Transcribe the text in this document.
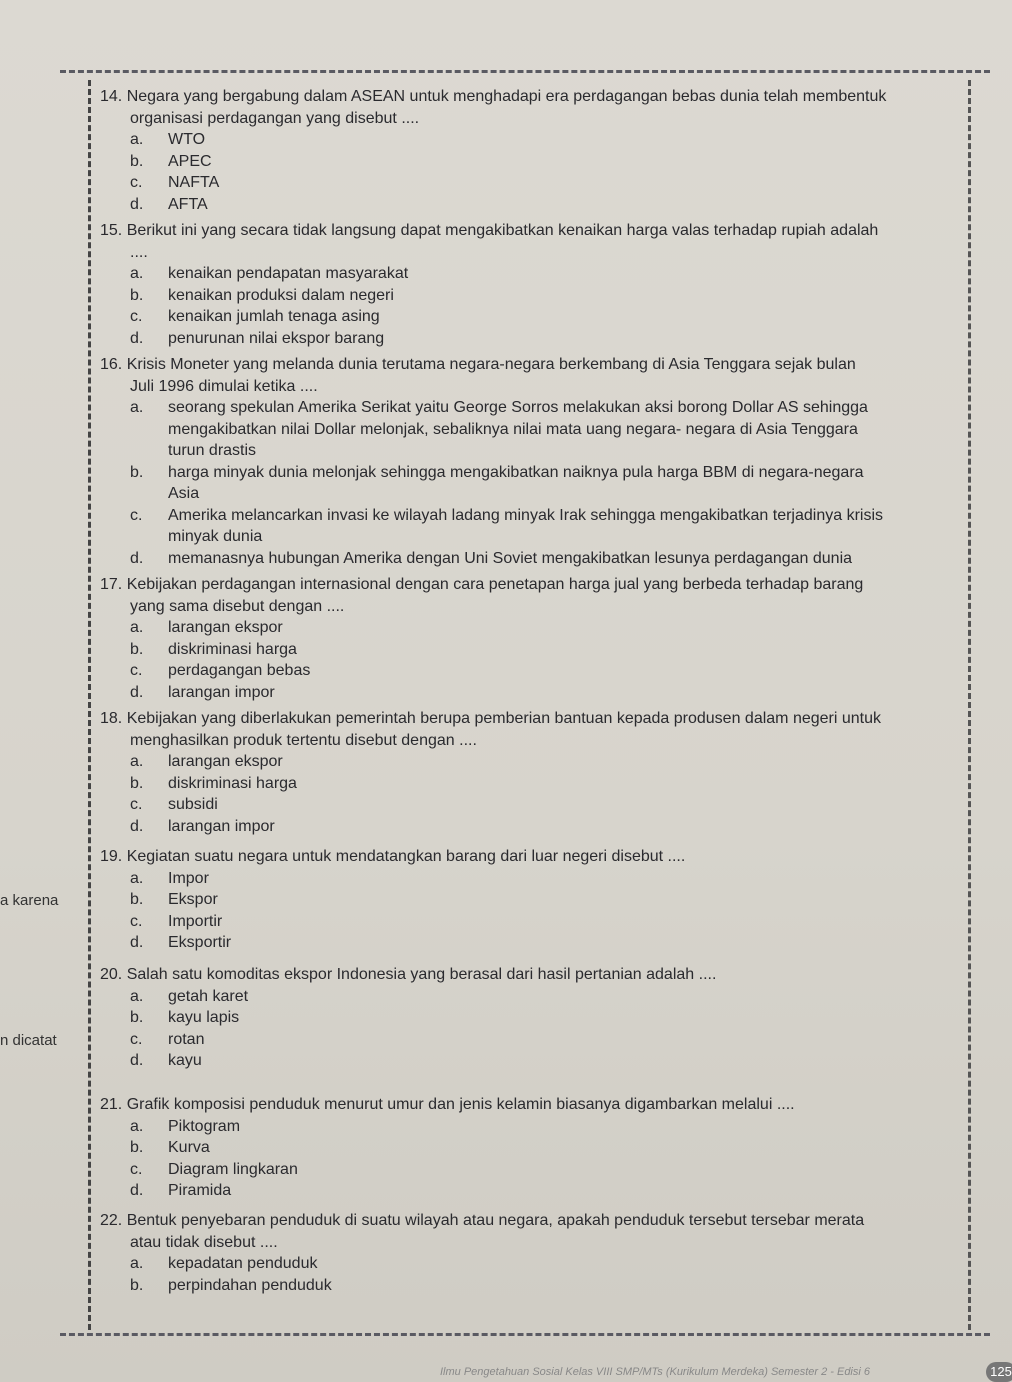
a karena
n dicatat
14. Negara yang bergabung dalam ASEAN untuk menghadapi era perdagangan bebas dunia telah membentuk
organisasi perdagangan yang disebut ....
a. WTO
b. APEC
c. NAFTA
d. AFTA
15. Berikut ini yang secara tidak langsung dapat mengakibatkan kenaikan harga valas terhadap rupiah adalah
....
a. kenaikan pendapatan masyarakat
b. kenaikan produksi dalam negeri
c. kenaikan jumlah tenaga asing
d. penurunan nilai ekspor barang
16. Krisis Moneter yang melanda dunia terutama negara-negara berkembang di Asia Tenggara sejak bulan
Juli 1996 dimulai ketika ....
a. seorang spekulan Amerika Serikat yaitu George Sorros melakukan aksi borong Dollar AS sehingga
mengakibatkan nilai Dollar melonjak, sebaliknya nilai mata uang negara- negara di Asia Tenggara
turun drastis
b. harga minyak dunia melonjak sehingga mengakibatkan naiknya pula harga BBM di negara-negara
Asia
c. Amerika melancarkan invasi ke wilayah ladang minyak Irak sehingga mengakibatkan terjadinya krisis
minyak dunia
d. memanasnya hubungan Amerika dengan Uni Soviet mengakibatkan lesunya perdagangan dunia
17. Kebijakan perdagangan internasional dengan cara penetapan harga jual yang berbeda terhadap barang
yang sama disebut dengan ....
a. larangan ekspor
b. diskriminasi harga
c. perdagangan bebas
d. larangan impor
18. Kebijakan yang diberlakukan pemerintah berupa pemberian bantuan kepada produsen dalam negeri untuk
menghasilkan produk tertentu disebut dengan ....
a. larangan ekspor
b. diskriminasi harga
c. subsidi
d. larangan impor
19. Kegiatan suatu negara untuk mendatangkan barang dari luar negeri disebut ....
a. Impor
b. Ekspor
c. Importir
d. Eksportir
20. Salah satu komoditas ekspor Indonesia yang berasal dari hasil pertanian adalah ....
a. getah karet
b. kayu lapis
c. rotan
d. kayu
21. Grafik komposisi penduduk menurut umur dan jenis kelamin biasanya digambarkan melalui ....
a. Piktogram
b. Kurva
c. Diagram lingkaran
d. Piramida
22. Bentuk penyebaran penduduk di suatu wilayah atau negara, apakah penduduk tersebut tersebar merata
atau tidak disebut ....
a. kepadatan penduduk
b. perpindahan penduduk
Ilmu Pengetahuan Sosial Kelas VIII SMP/MTs (Kurikulum Merdeka) Semester 2 - Edisi 6	125
